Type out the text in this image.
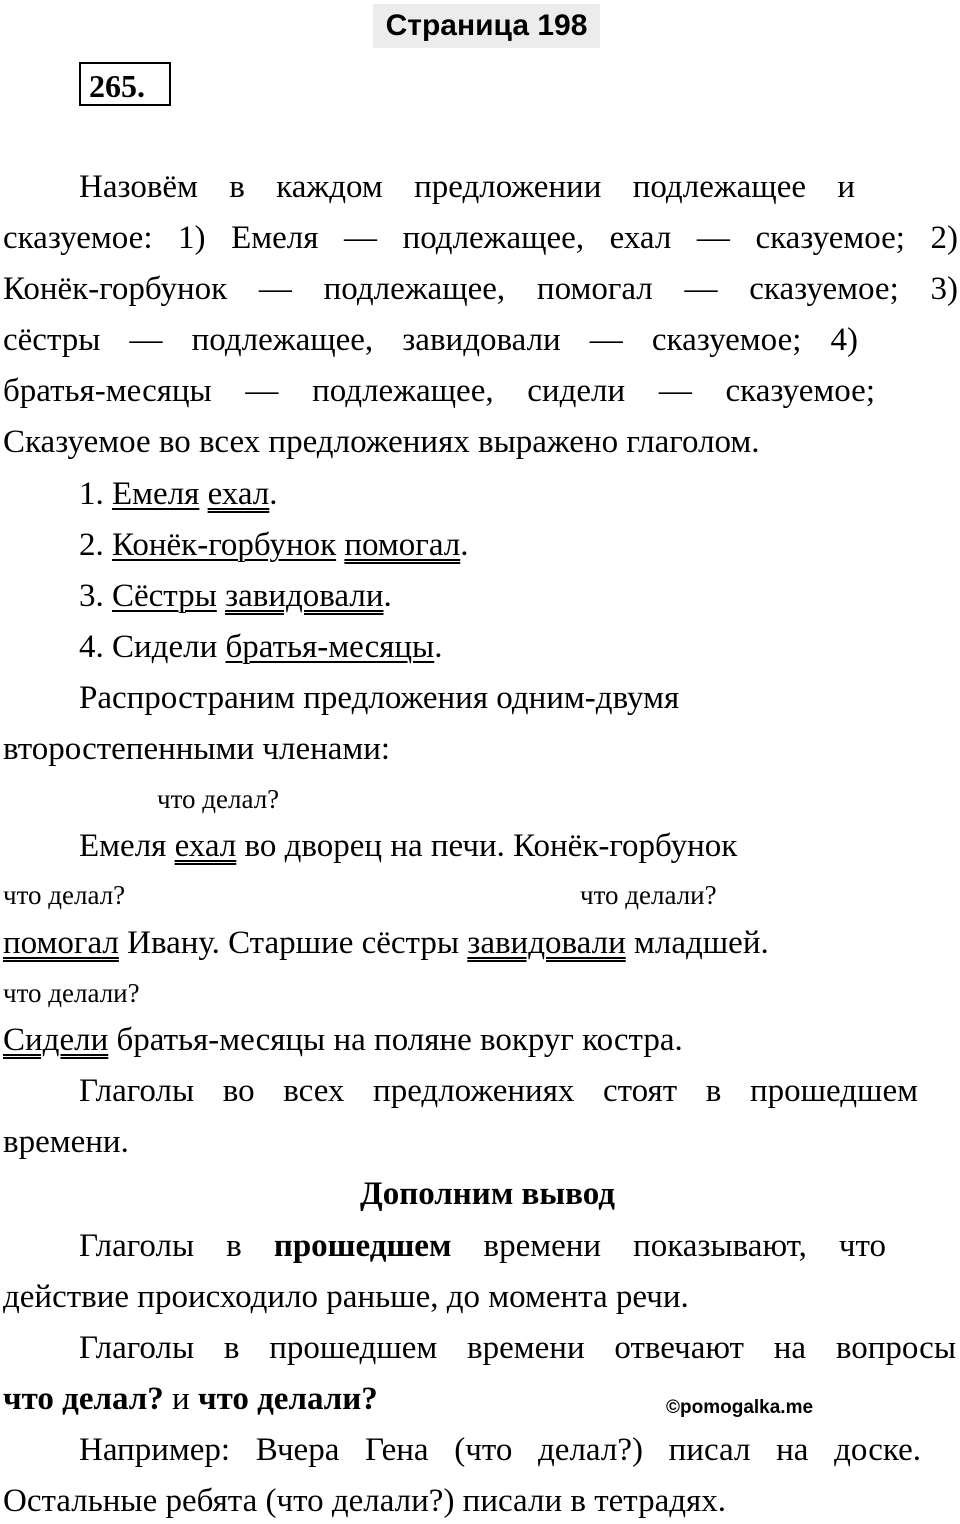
Страница 198
265.
Назовём в каждом предложении подлежащее и
сказуемое: 1) Емеля — подлежащее, ехал — сказуемое; 2)
Конёк-горбунок — подлежащее, помогал — сказуемое; 3)
сёстры — подлежащее, завидовали — сказуемое; 4)
братья-месяцы — подлежащее, сидели — сказуемое;
Сказуемое во всех предложениях выражено глаголом.
1. Емеля ехал.
2. Конёк-горбунок помогал.
3. Сёстры завидовали.
4. Сидели братья-месяцы.
Распространим предложения одним-двумя
второстепенными членами:
что делал?
Емеля ехал во дворец на печи. Конёк-горбунок
что делал?	что делали?
помогал Ивану. Старшие сёстры завидовали младшей.
что делали?
Сидели братья-месяцы на поляне вокруг костра.
Глаголы во всех предложениях стоят в прошедшем
времени.
Дополним вывод
Глаголы в прошедшем времени показывают, что
действие происходило раньше, до момента речи.
Глаголы в прошедшем времени отвечают на вопросы
что делал? и что делали?	©pomogalka.me
Например: Вчера Гена (что делал?) писал на доске.
Остальные ребята (что делали?) писали в тетрадях.
